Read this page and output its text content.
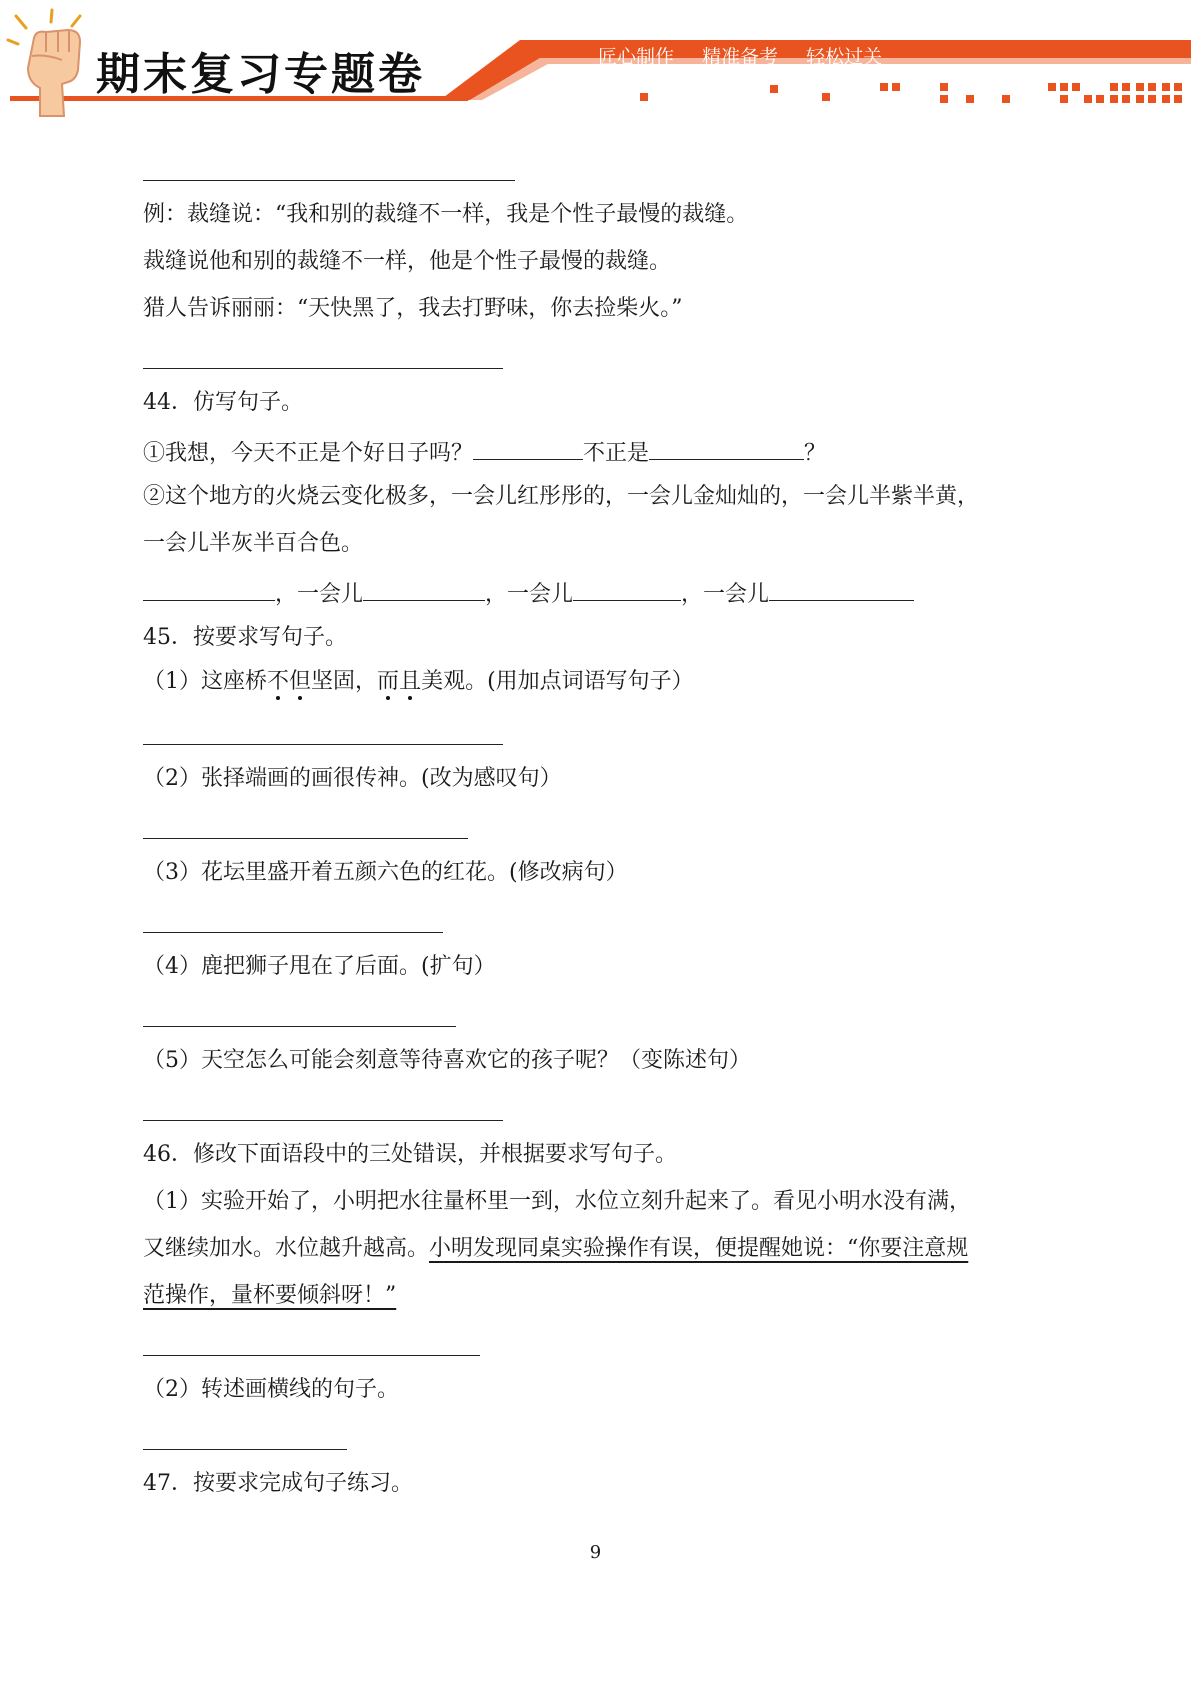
期末复习专题卷	匠心制作 精准备考 轻松过关
例：裁缝说：“我和别的裁缝不一样，我是个性子最慢的裁缝。
裁缝说他和别的裁缝不一样，他是个性子最慢的裁缝。
猎人告诉丽丽：“天快黑了，我去打野味，你去捡柴火。”
44．仿写句子。
①我想，今天不正是个好日子吗？	不正是	？
②这个地方的火烧云变化极多，一会儿红彤彤的，一会儿金灿灿的，一会儿半紫半黄，
一会儿半灰半百合色。
，一会儿	，一会儿	，一会儿
45．按要求写句子。
（1）这座桥不但坚固，而且美观。(用加点词语写句子）
（2）张择端画的画很传神。(改为感叹句）
（3）花坛里盛开着五颜六色的红花。(修改病句）
（4）鹿把狮子甩在了后面。(扩句）
（5）天空怎么可能会刻意等待喜欢它的孩子呢？（变陈述句）
46．修改下面语段中的三处错误，并根据要求写句子。
（1）实验开始了，小明把水往量杯里一到，水位立刻升起来了。看见小明水没有满，
又继续加水。水位越升越高。小明发现同桌实验操作有误，便提醒她说：“你要注意规
范操作，量杯要倾斜呀！”
（2）转述画横线的句子。
47．按要求完成句子练习。
9
